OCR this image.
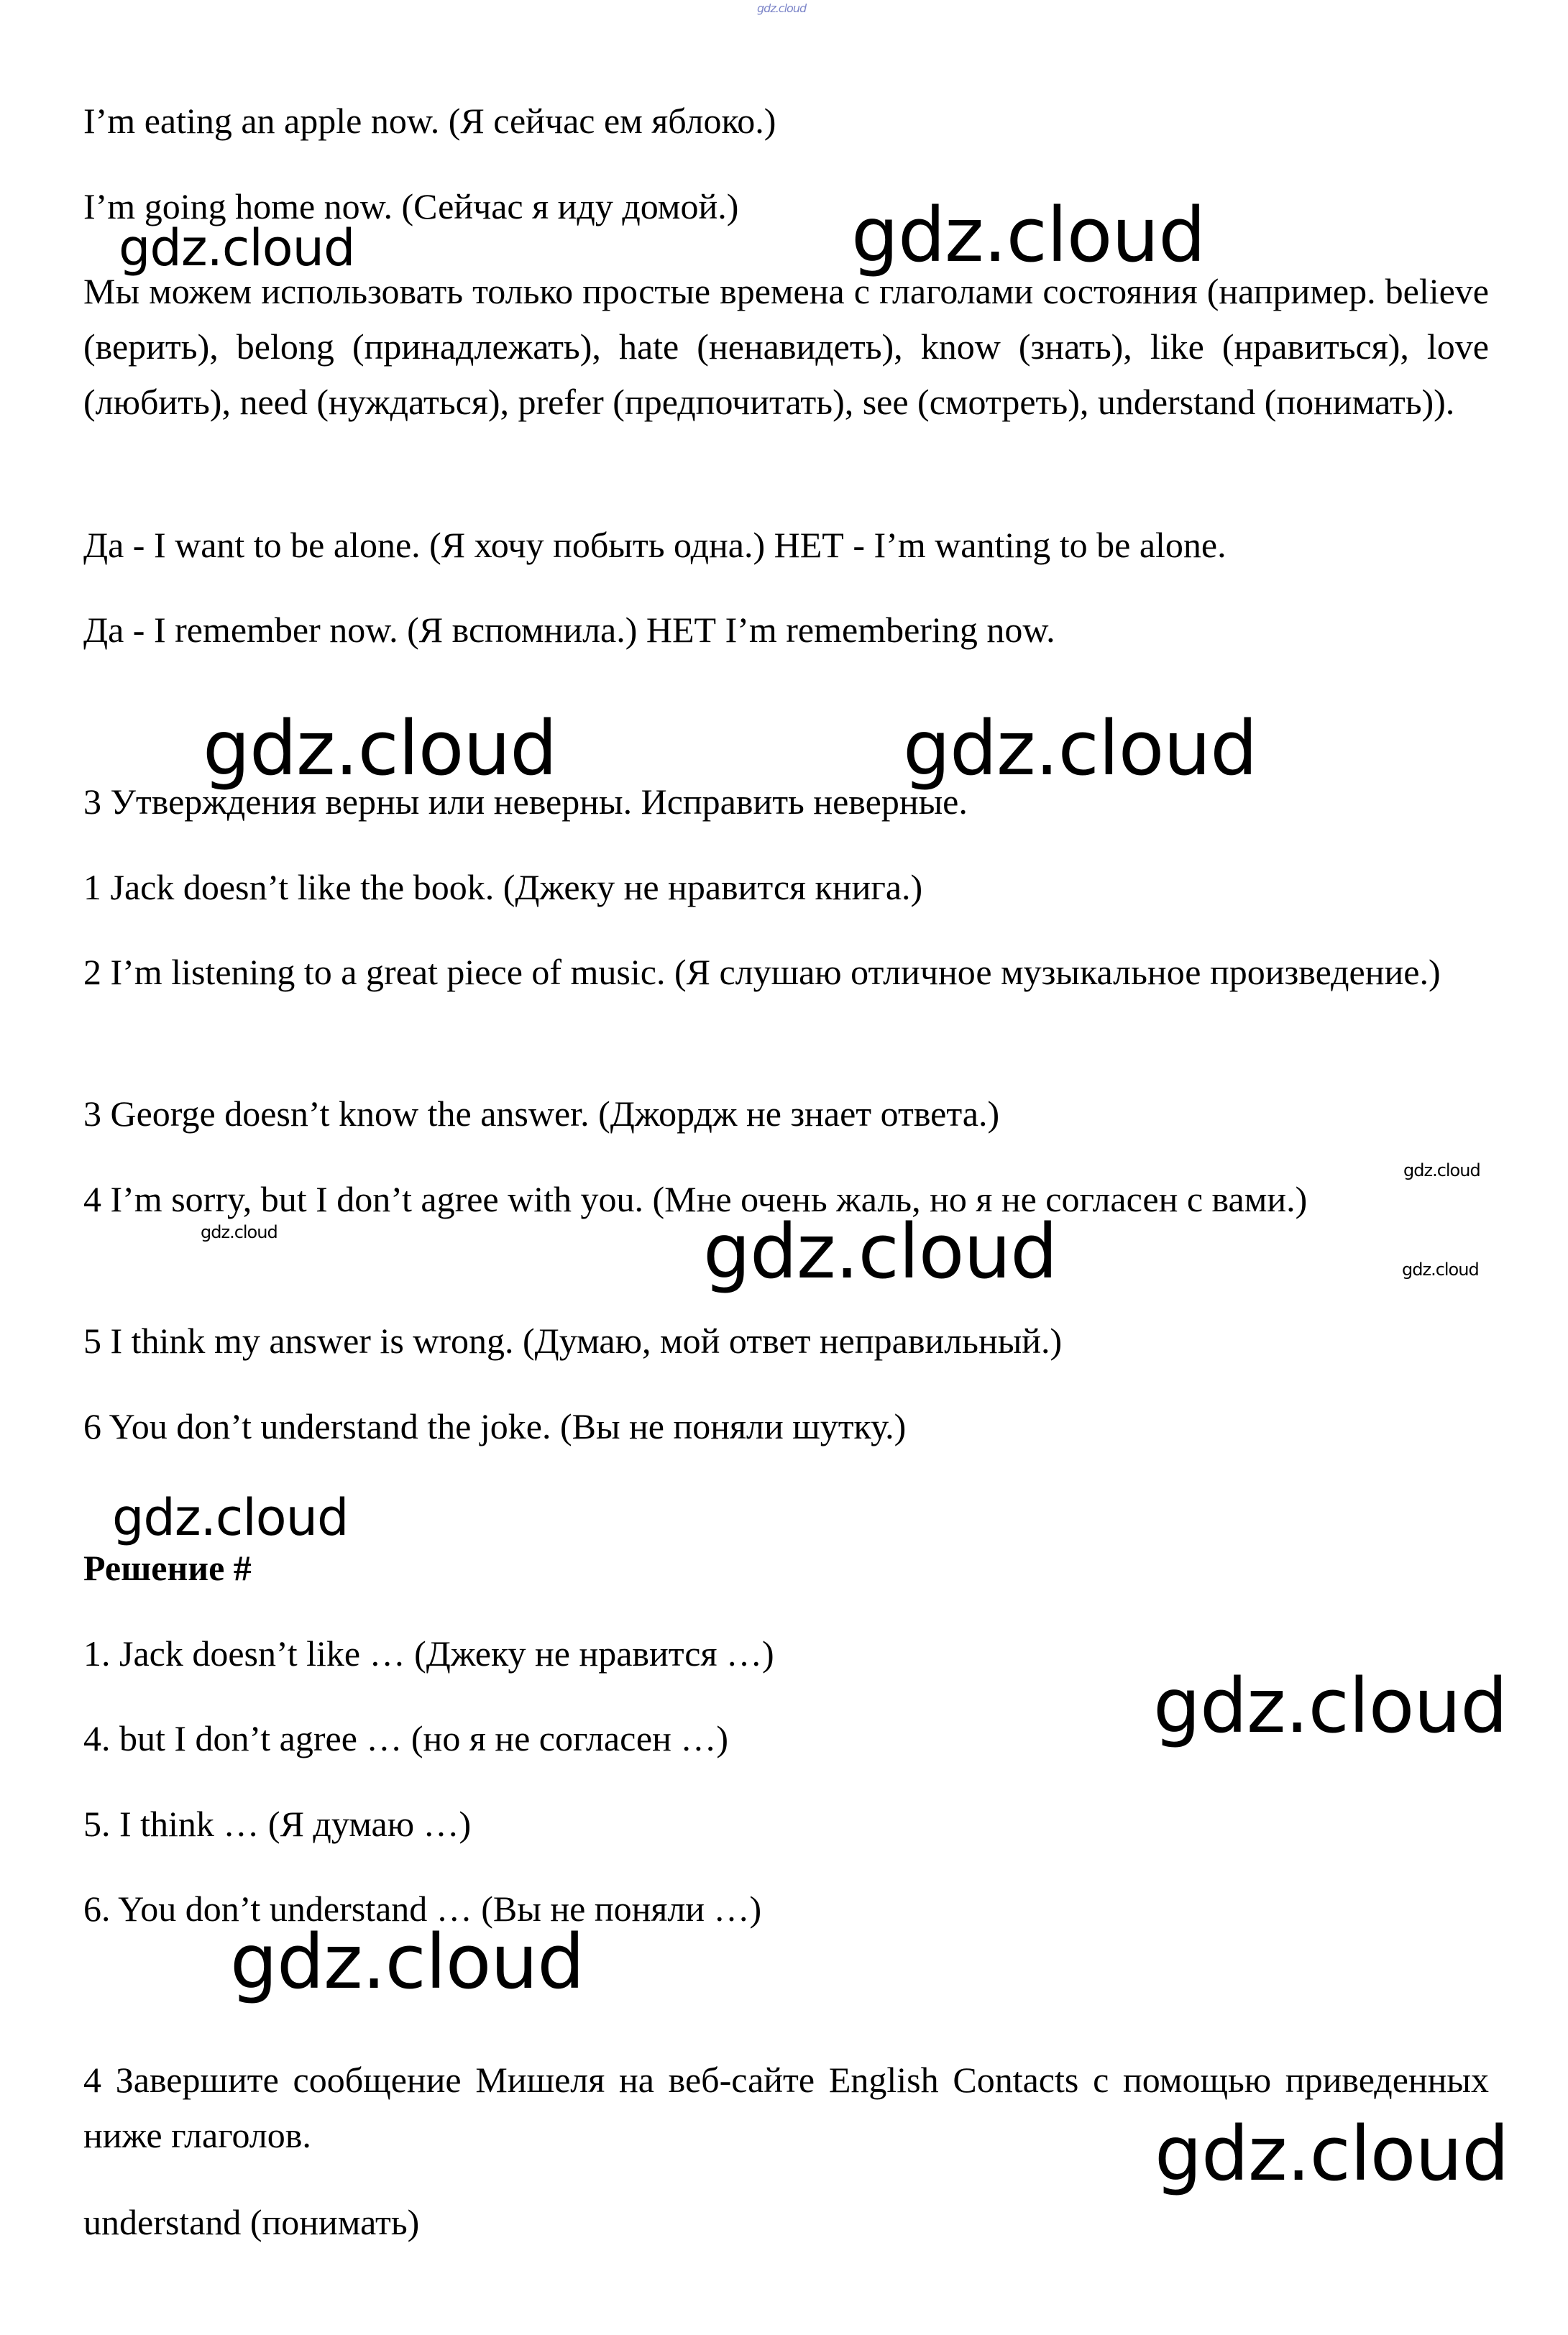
gdz.cloud

I’m eating an apple now. (Я сейчас ем яблоко.)

I’m going home now. (Сейчас я иду домой.)

Мы можем использовать только простые времена с глаголами состояния (например. believe (верить), belong (принадлежать), hate (ненавидеть), know (знать), like (нравиться), love (любить), need (нуждаться), prefer (предпочитать), see (смотреть), understand (понимать)).

Да - I want to be alone. (Я хочу побыть одна.) НЕТ - I’m wanting to be alone.

Да - I remember now. (Я вспомнила.) НЕТ I’m remembering now.

3 Утверждения верны или неверны. Исправить неверные.

1 Jack doesn’t like the book. (Джеку не нравится книга.)

2 I’m listening to a great piece of music. (Я слушаю отличное музыкальное произведение.)

3 George doesn’t know the answer. (Джордж не знает ответа.)

4 I’m sorry, but I don’t agree with you. (Мне очень жаль, но я не согласен с вами.)

5 I think my answer is wrong. (Думаю, мой ответ неправильный.)

6 You don’t understand the joke. (Вы не поняли шутку.)

Решение #

1. Jack doesn’t like … (Джеку не нравится …)

4. but I don’t agree … (но я не согласен …)

5. I think … (Я думаю …)

6. You don’t understand … (Вы не поняли …)

4 Завершите сообщение Мишеля на веб-сайте English Contacts с помощью приведенных ниже глаголов.

understand (понимать)

gdz.cloud	gdz.cloud
gdz.cloud	gdz.cloud
gdz.cloud
gdz.cloud	gdz.cloud	gdz.cloud
gdz.cloud
gdz.cloud
gdz.cloud
gdz.cloud
